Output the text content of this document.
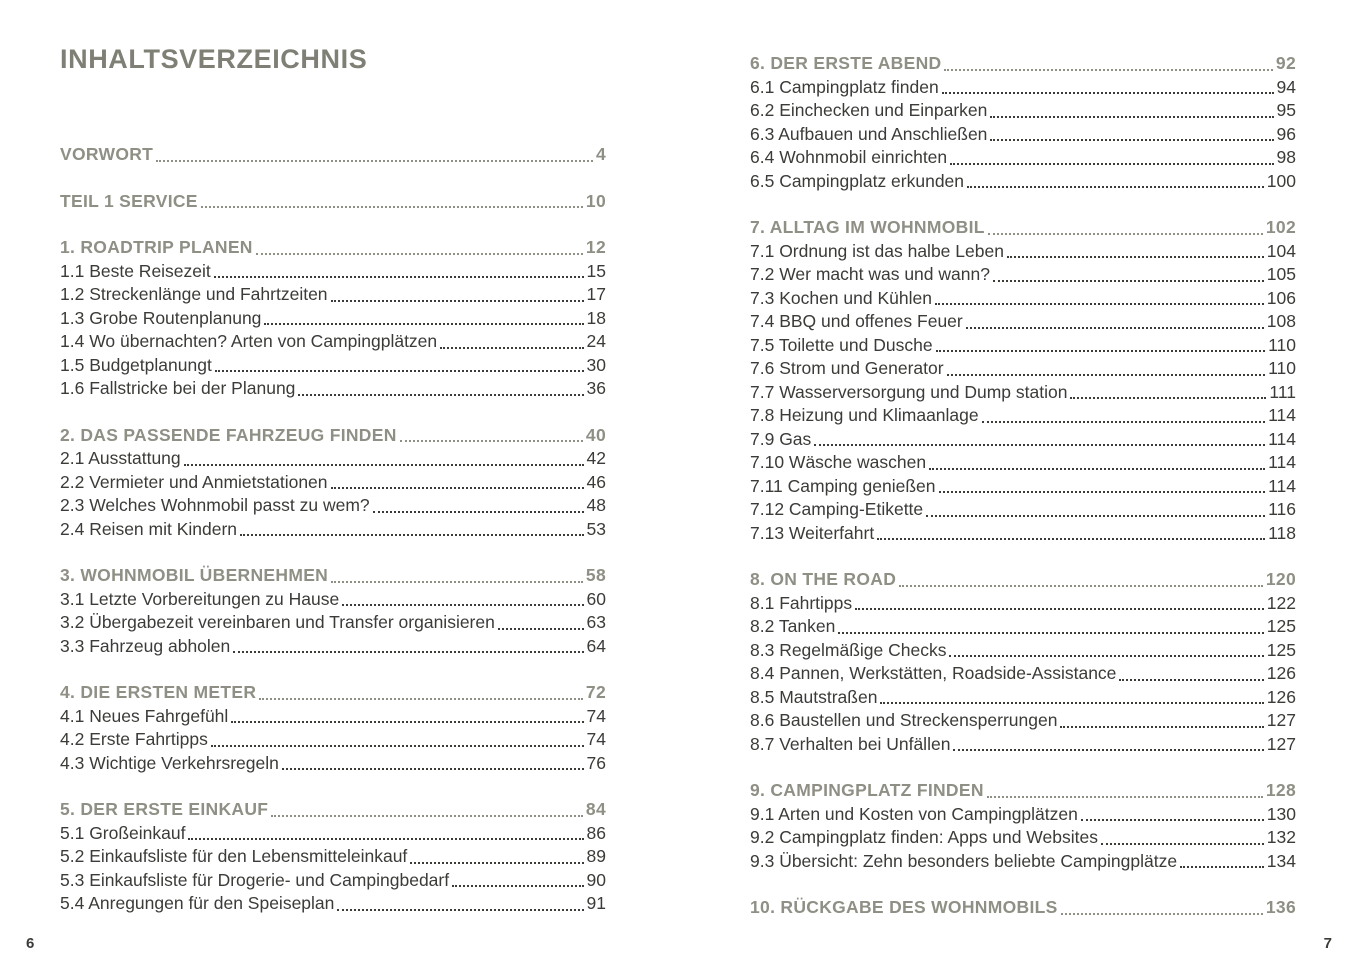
INHALTSVERZEICHNIS
VORWORT	4
TEIL 1 SERVICE	10
1. ROADTRIP PLANEN	12
1.1 Beste Reisezeit	15
1.2 Streckenlänge und Fahrtzeiten	17
1.3 Grobe Routenplanung	18
1.4 Wo übernachten? Arten von Campingplätzen	24
1.5 Budgetplanungt	30
1.6 Fallstricke bei der Planung	36
2. DAS PASSENDE FAHRZEUG FINDEN	40
2.1 Ausstattung	42
2.2 Vermieter und Anmietstationen	46
2.3 Welches Wohnmobil passt zu wem?	48
2.4 Reisen mit Kindern	53
3. WOHNMOBIL ÜBERNEHMEN	58
3.1 Letzte Vorbereitungen zu Hause	60
3.2 Übergabezeit vereinbaren und Transfer organisieren	63
3.3 Fahrzeug abholen	64
4. DIE ERSTEN METER	72
4.1 Neues Fahrgefühl	74
4.2 Erste Fahrtipps	74
4.3 Wichtige Verkehrsregeln	76
5. DER ERSTE EINKAUF	84
5.1 Großeinkauf	86
5.2 Einkaufsliste für den Lebensmitteleinkauf	89
5.3 Einkaufsliste für Drogerie- und Campingbedarf	90
5.4 Anregungen für den Speiseplan	91
6. DER ERSTE ABEND	92
6.1 Campingplatz finden	94
6.2 Einchecken und Einparken	95
6.3 Aufbauen und Anschließen	96
6.4 Wohnmobil einrichten	98
6.5 Campingplatz erkunden	100
7. ALLTAG IM WOHNMOBIL	102
7.1 Ordnung ist das halbe Leben	104
7.2 Wer macht was und wann?	105
7.3 Kochen und Kühlen	106
7.4 BBQ und offenes Feuer	108
7.5 Toilette und Dusche	110
7.6 Strom und Generator	110
7.7 Wasserversorgung und Dump station	111
7.8 Heizung und Klimaanlage	114
7.9 Gas	114
7.10 Wäsche waschen	114
7.11 Camping genießen	114
7.12 Camping-Etikette	116
7.13 Weiterfahrt	118
8. ON THE ROAD	120
8.1 Fahrtipps	122
8.2 Tanken	125
8.3 Regelmäßige Checks	125
8.4 Pannen, Werkstätten, Roadside-Assistance	126
8.5 Mautstraßen	126
8.6 Baustellen und Streckensperrungen	127
8.7 Verhalten bei Unfällen	127
9. CAMPINGPLATZ FINDEN	128
9.1 Arten und Kosten von Campingplätzen	130
9.2 Campingplatz finden: Apps und Websites	132
9.3 Übersicht: Zehn besonders beliebte Campingplätze	134
10. RÜCKGABE DES WOHNMOBILS	136
6	7
